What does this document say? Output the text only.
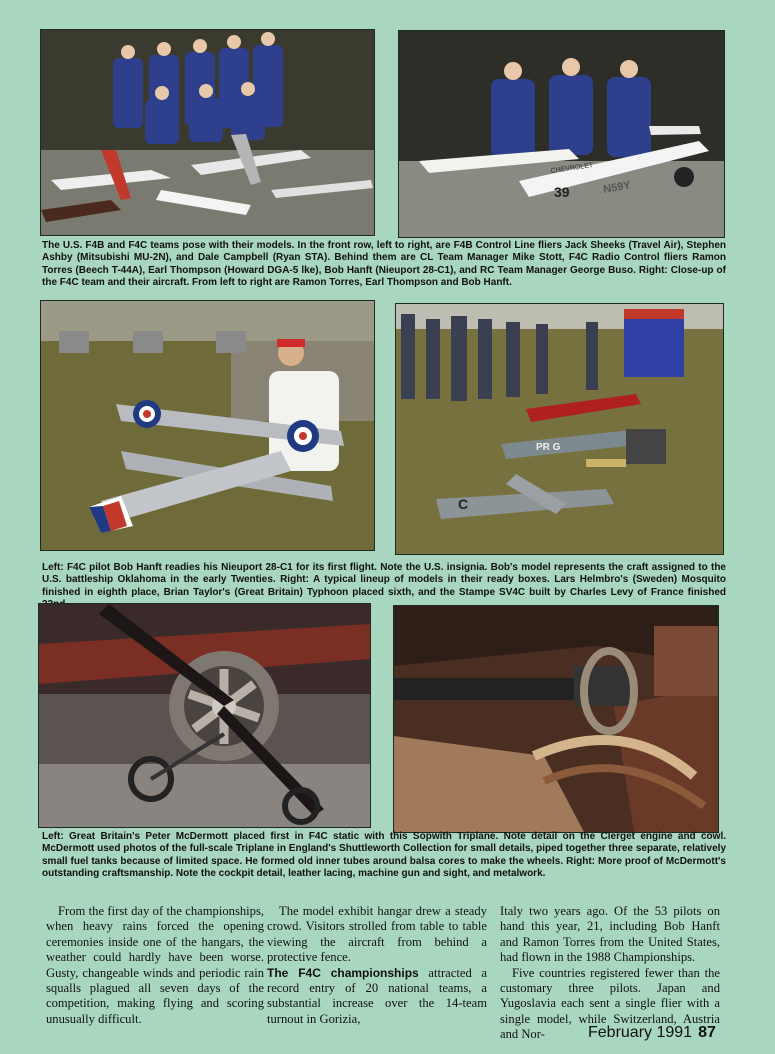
39
CHEVROLET
N59Y

The U.S. F4B and F4C teams pose with their models. In the front row, left to right, are F4B Control Line fliers Jack Sheeks (Travel Air), Stephen Ashby (Mitsubishi MU-2N), and Dale Campbell (Ryan STA). Behind them are CL Team Manager Mike Stott, F4C Radio Control fliers Ramon Torres (Beech T-44A), Earl Thompson (Howard DGA-5 lke), Bob Hanft (Nieuport 28-C1), and RC Team Manager George Buso. Right: Close-up of the F4C team and their aircraft. From left to right are Ramon Torres, Earl Thompson and Bob Hanft.

C
PR G

Left: F4C pilot Bob Hanft readies his Nieuport 28-C1 for its first flight. Note the U.S. insignia. Bob's model represents the craft assigned to the U.S. battleship Oklahoma in the early Twenties. Right: A typical lineup of models in their ready boxes. Lars Helmbro's (Sweden) Mosquito finished in eighth place, Brian Taylor's (Great Britain) Typhoon placed sixth, and the Stampe SV4C built by Charles Levy of France finished

Left: Great Britain's Peter McDermott placed first in F4C static with this Sopwith Triplane. Note detail on the Clerget engine and cowl. McDermott used photos of the full-scale Triplane in England's Shuttleworth Collection for small details, piped together three separate, relatively small fuel tanks because of limited space. He formed old inner tubes around balsa cores to make the wheels. Right: More proof of McDermott's outstanding craftsmanship. Note the cockpit detail, leather lacing, machine gun and sight, and metalwork.

From the first day of the championships, when heavy rains forced the opening ceremonies inside one of the hangars, the weather could hardly have been worse. Gusty, changeable winds and periodic rain squalls plagued all seven days of the competition, making flying and scoring unusually difficult.

The model exhibit hangar drew a steady crowd. Visitors strolled from table to table viewing the aircraft from behind a protective fence.

The F4C championships attracted a record entry of 20 national teams, a substantial increase over the 14-team turnout in Gorizia,

Italy two years ago. Of the 53 pilots on hand this year, 21, including Bob Hanft and Ramon Torres from the United States, had flown in the 1988 Championships.

Five countries registered fewer than the customary three pilots. Japan and Yugoslavia each sent a single flier with a single model, while Switzerland, Austria and Nor-	February 1991 87
